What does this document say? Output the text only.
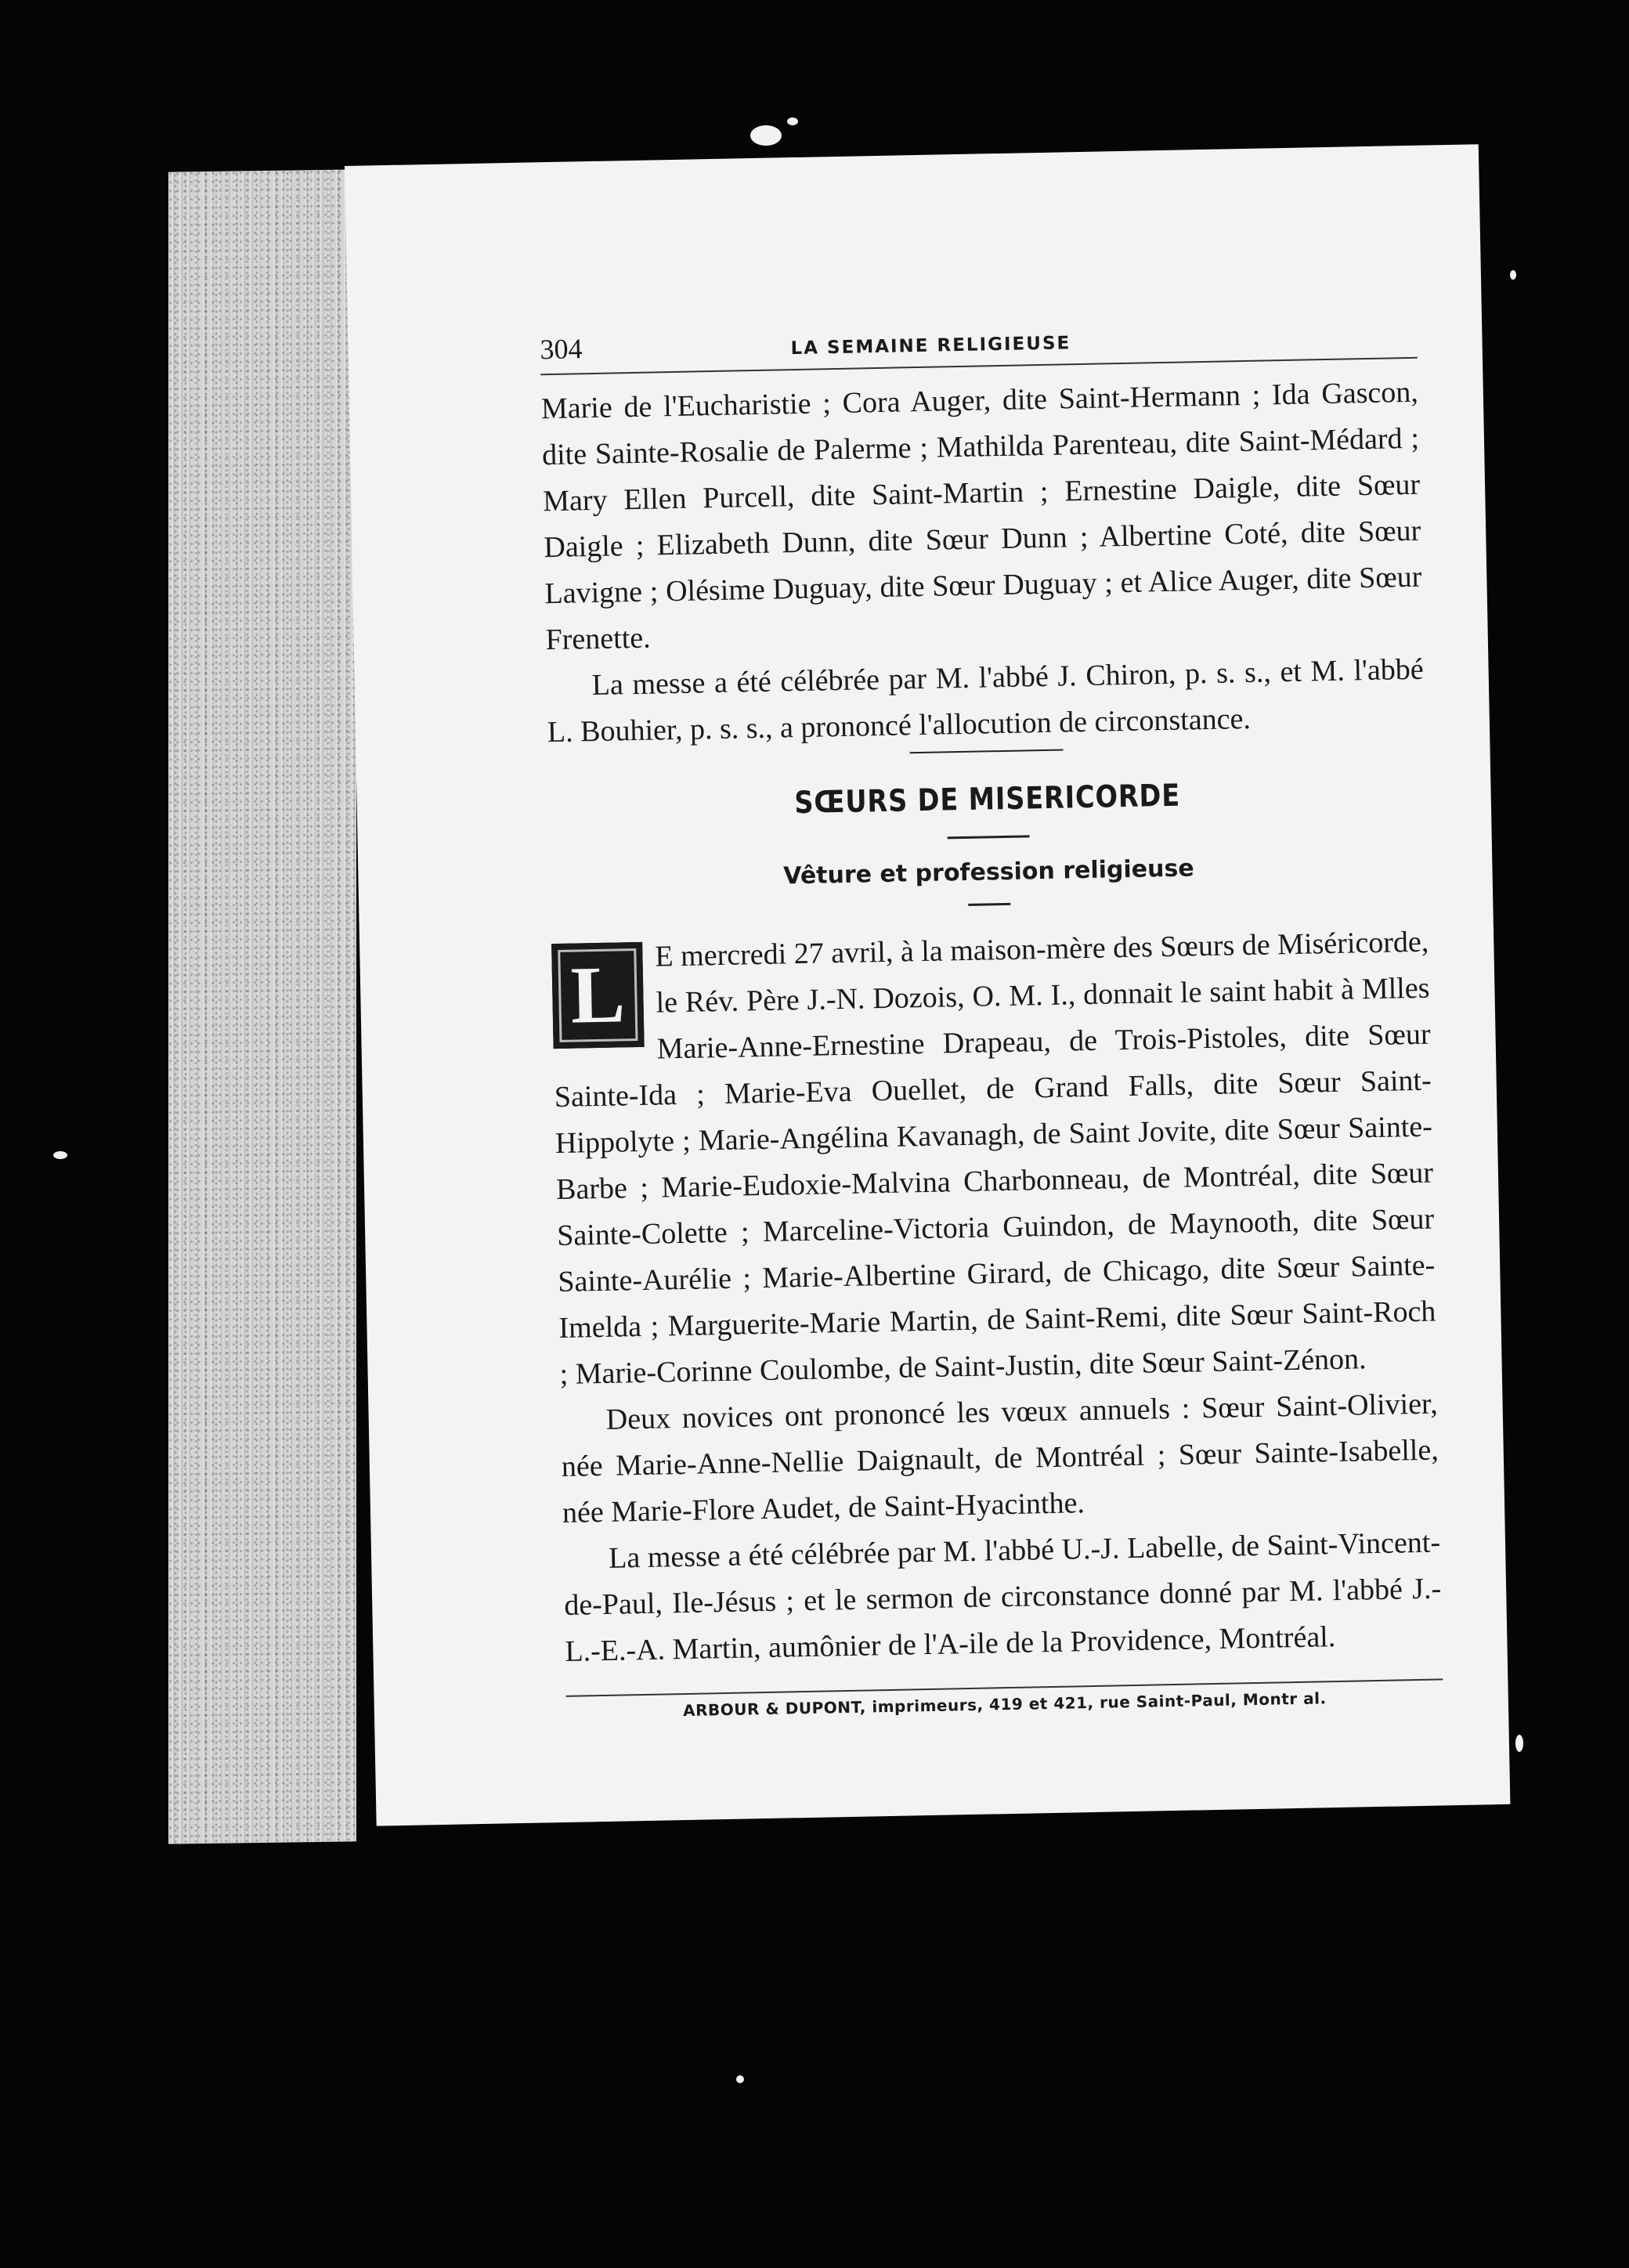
304	LA SEMAINE RELIGIEUSE

Marie de l'Eucharistie ; Cora Auger, dite Saint-Hermann ; Ida Gascon, dite Sainte-Rosalie de Palerme ; Mathilda Parenteau, dite Saint-Médard ; Mary Ellen Purcell, dite Saint-Martin ; Ernestine Daigle, dite Sœur Daigle ; Elizabeth Dunn, dite Sœur Dunn ; Albertine Coté, dite Sœur Lavigne ; Olésime Duguay, dite Sœur Duguay ; et Alice Auger, dite Sœur Frenette.

La messe a été célébrée par M. l'abbé J. Chiron, p. s. s., et M. l'abbé L. Bouhier, p. s. s., a prononcé l'allocution de circonstance.

SŒURS DE MISERICORDE
Vêture et profession religieuse

L
E mercredi 27 avril, à la maison-mère des Sœurs de Miséricorde, le Rév. Père J.-N. Dozois, O. M. I., donnait le saint habit à Mlles Marie-Anne-Ernestine Drapeau, de Trois-Pistoles, dite Sœur Sainte-Ida ; Marie-Eva Ouellet, de Grand Falls, dite Sœur Saint-Hippolyte ; Marie-Angélina Kavanagh, de Saint Jovite, dite Sœur Sainte-Barbe ; Marie-Eudoxie-Malvina Charbonneau, de Montréal, dite Sœur Sainte-Colette ; Marceline-Victoria Guindon, de Maynooth, dite Sœur Sainte-Aurélie ; Marie-Albertine Girard, de Chicago, dite Sœur Sainte-Imelda ; Marguerite-Marie Martin, de Saint-Remi, dite Sœur Saint-Roch ; Marie-Corinne Coulombe, de Saint-Justin, dite Sœur Saint-Zénon.

Deux novices ont prononcé les vœux annuels : Sœur Saint-Olivier, née Marie-Anne-Nellie Daignault, de Montréal ; Sœur Sainte-Isabelle, née Marie-Flore Audet, de Saint-Hyacinthe.

La messe a été célébrée par M. l'abbé U.-J. Labelle, de Saint-Vincent-de-Paul, Ile-Jésus ; et le sermon de circonstance donné par M. l'abbé J.-L.-E.-A. Martin, aumônier de l'A-ile de la Providence, Montréal.

ARBOUR & DUPONT, imprimeurs, 419 et 421, rue Saint-Paul, Montr al.
